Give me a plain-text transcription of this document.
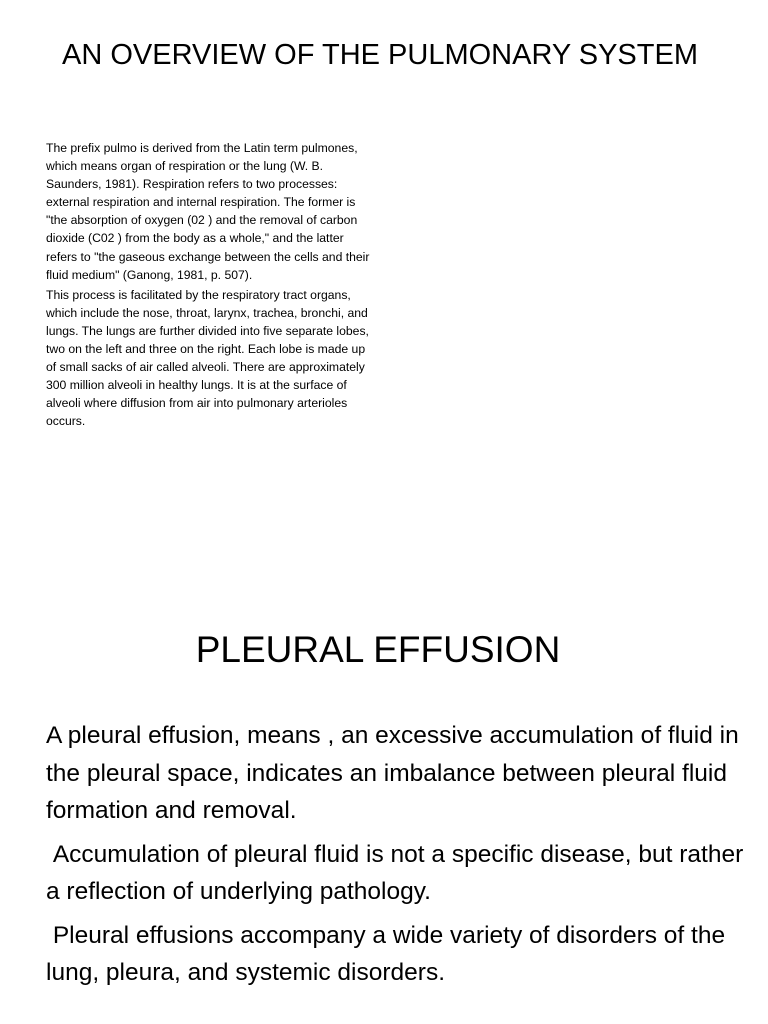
AN OVERVIEW OF THE PULMONARY SYSTEM

The prefix pulmo is derived from the Latin term pulmones, which means organ of respiration or the lung (W. B. Saunders, 1981). Respiration refers to two processes: external respiration and internal respiration. The former is "the absorption of oxygen (02 ) and the removal of carbon dioxide (C02 ) from the body as a whole," and the latter refers to "the gaseous exchange between the cells and their fluid medium" (Ganong, 1981, p. 507).

This process is facilitated by the respiratory tract organs, which include the nose, throat, larynx, trachea, bronchi, and lungs. The lungs are further divided into five separate lobes, two on the left and three on the right. Each lobe is made up of small sacks of air called alveoli. There are approximately 300 million alveoli in healthy lungs. It is at the surface of alveoli where diffusion from air into pulmonary arterioles occurs.

PLEURAL EFFUSION

A pleural effusion, means , an excessive accumulation of fluid in the pleural space, indicates an imbalance between pleural fluid formation and removal.

Accumulation of pleural fluid is not a specific disease, but rather a reflection of underlying pathology.

Pleural effusions accompany a wide variety of disorders of the lung, pleura, and systemic disorders.
